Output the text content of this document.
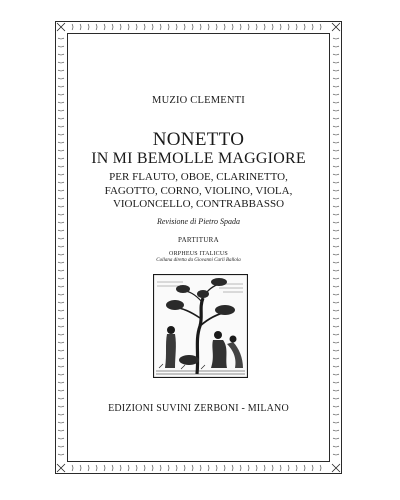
MUZIO CLEMENTI
NONETTO
IN MI BEMOLLE MAGGIORE
PER FLAUTO, OBOE, CLARINETTO,
FAGOTTO, CORNO, VIOLINO, VIOLA,
VIOLONCELLO, CONTRABBASSO
Revisione di Pietro Spada
PARTITURA
ORPHEUS ITALICUS
Collana diretta da Giovanni Carli Ballola
EDIZIONI SUVINI ZERBONI - MILANO
